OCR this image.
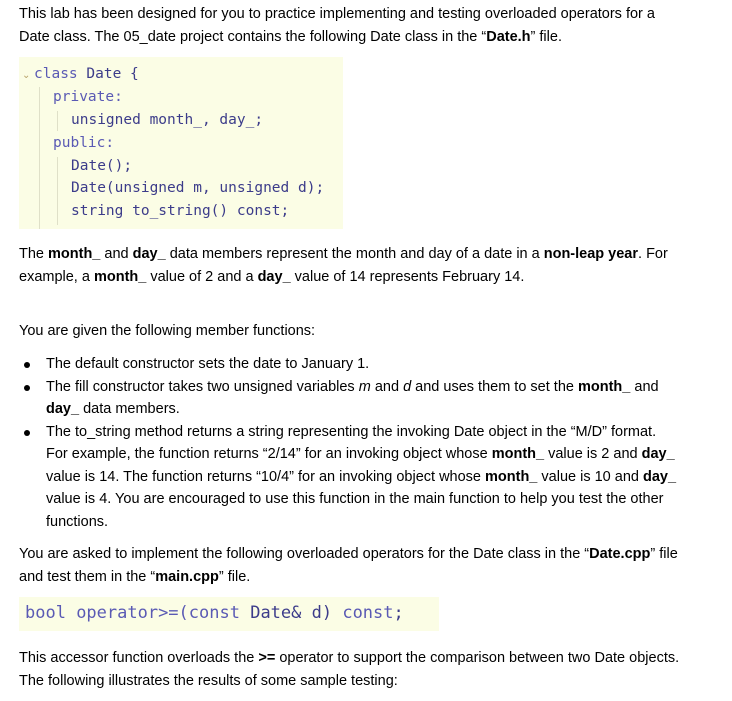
This lab has been designed for you to practice implementing and testing overloaded operators for a
Date class. The 05_date project contains the following Date class in the “Date.h” file.

⌄ class Date {
private:
unsigned month_, day_;
public:
Date();
Date(unsigned m, unsigned d);
string to_string() const;

The month_ and day_ data members represent the month and day of a date in a non-leap year. For
example, a month_ value of 2 and a day_ value of 14 represents February 14.

You are given the following member functions:

The default constructor sets the date to January 1.
The fill constructor takes two unsigned variables m and d and uses them to set the month_ and
day_ data members.
The to_string method returns a string representing the invoking Date object in the “M/D” format.
For example, the function returns “2/14” for an invoking object whose month_ value is 2 and day_
value is 14. The function returns “10/4” for an invoking object whose month_ value is 10 and day_
value is 4. You are encouraged to use this function in the main function to help you test the other
functions.

You are asked to implement the following overloaded operators for the Date class in the “Date.cpp” file
and test them in the “main.cpp” file.

bool operator>=(const Date& d) const;

This accessor function overloads the >= operator to support the comparison between two Date objects.
The following illustrates the results of some sample testing:
